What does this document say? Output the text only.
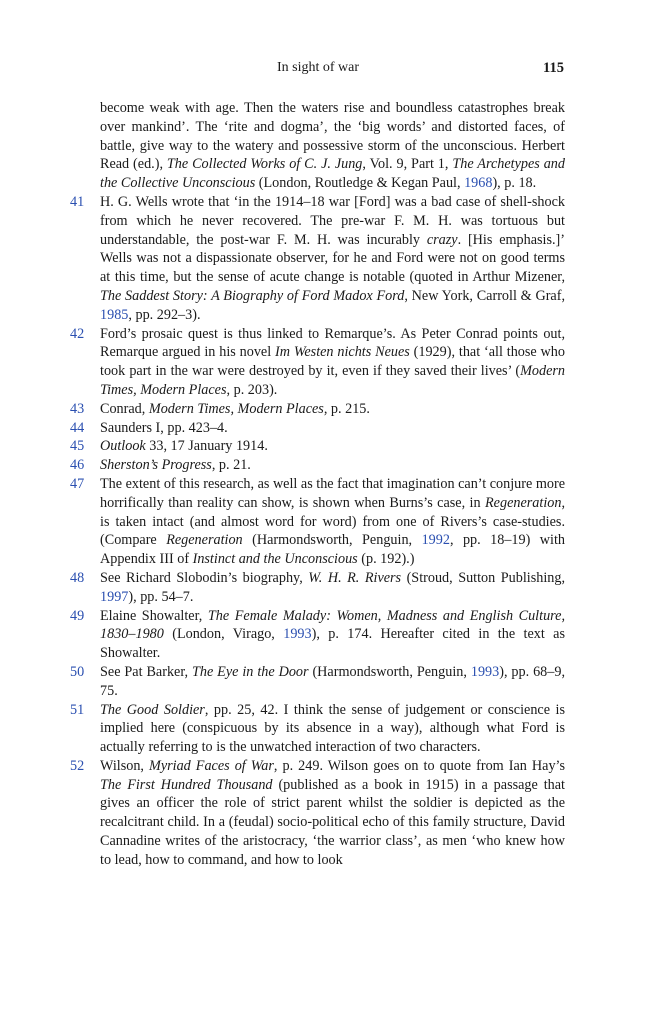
In sight of war	115
become weak with age. Then the waters rise and boundless catastrophes break over mankind’. The ‘rite and dogma’, the ‘big words’ and distorted faces, of battle, give way to the watery and possessive storm of the unconscious. Herbert Read (ed.), The Collected Works of C. J. Jung, Vol. 9, Part 1, The Archetypes and the Collective Unconscious (London, Routledge & Kegan Paul, 1968), p. 18.
41 H. G. Wells wrote that ‘in the 1914–18 war [Ford] was a bad case of shell-shock from which he never recovered. The pre-war F. M. H. was tortuous but understandable, the post-war F. M. H. was incurably crazy. [His emphasis.]’ Wells was not a dispassionate observer, for he and Ford were not on good terms at this time, but the sense of acute change is notable (quoted in Arthur Mizener, The Saddest Story: A Biography of Ford Madox Ford, New York, Carroll & Graf, 1985, pp. 292–3).
42 Ford’s prosaic quest is thus linked to Remarque’s. As Peter Conrad points out, Remarque argued in his novel Im Westen nichts Neues (1929), that ‘all those who took part in the war were destroyed by it, even if they saved their lives’ (Modern Times, Modern Places, p. 203).
43 Conrad, Modern Times, Modern Places, p. 215.
44 Saunders I, pp. 423–4.
45 Outlook 33, 17 January 1914.
46 Sherston’s Progress, p. 21.
47 The extent of this research, as well as the fact that imagination can’t conjure more horrifically than reality can show, is shown when Burns’s case, in Regeneration, is taken intact (and almost word for word) from one of Rivers’s case-studies. (Compare Regeneration (Harmondsworth, Penguin, 1992, pp. 18–19) with Appendix III of Instinct and the Unconscious (p. 192).)
48 See Richard Slobodin’s biography, W. H. R. Rivers (Stroud, Sutton Publishing, 1997), pp. 54–7.
49 Elaine Showalter, The Female Malady: Women, Madness and English Culture, 1830–1980 (London, Virago, 1993), p. 174. Hereafter cited in the text as Showalter.
50 See Pat Barker, The Eye in the Door (Harmondsworth, Penguin, 1993), pp. 68–9, 75.
51 The Good Soldier, pp. 25, 42. I think the sense of judgement or conscience is implied here (conspicuous by its absence in a way), although what Ford is actually referring to is the unwatched interaction of two characters.
52 Wilson, Myriad Faces of War, p. 249. Wilson goes on to quote from Ian Hay’s The First Hundred Thousand (published as a book in 1915) in a passage that gives an officer the role of strict parent whilst the soldier is depicted as the recalcitrant child. In a (feudal) socio-political echo of this family structure, David Cannadine writes of the aristocracy, ‘the warrior class’, as men ‘who knew how to lead, how to command, and how to look
